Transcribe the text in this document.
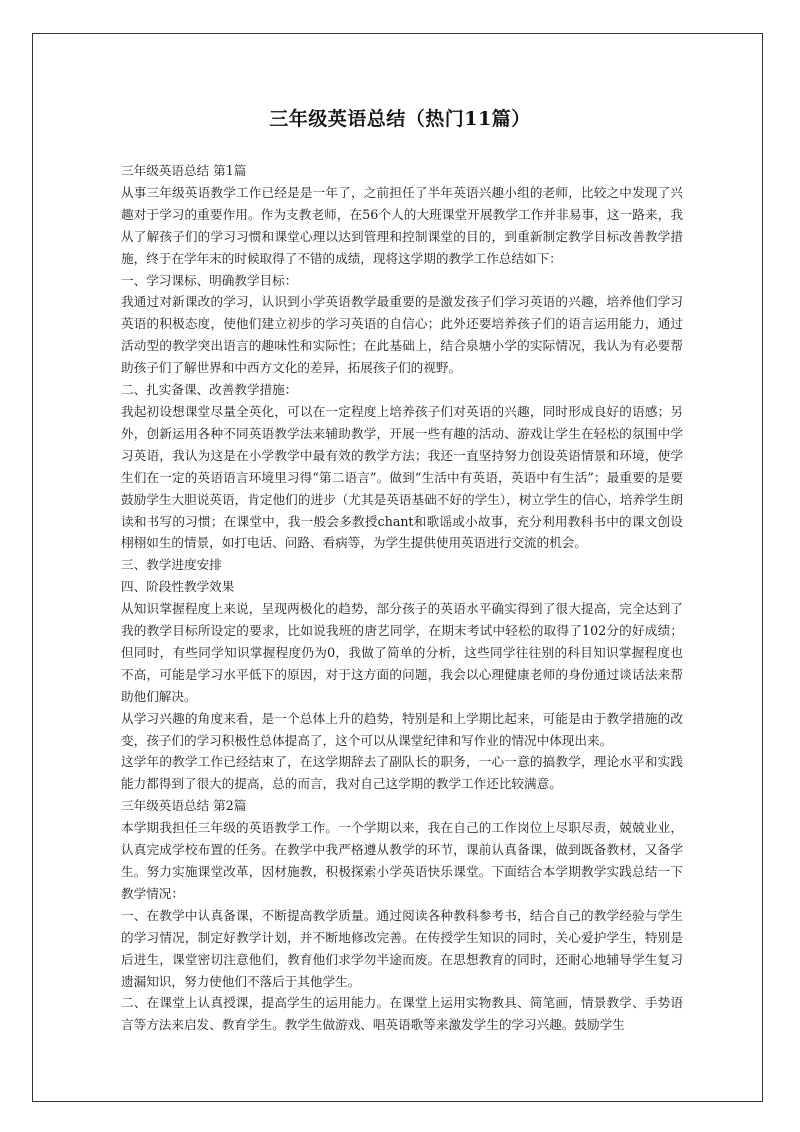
三年级英语总结（热门11篇）
三年级英语总结 第1篇

从事三年级英语教学工作已经是是一年了，之前担任了半年英语兴趣小组的老师，比较之中发现了兴趣对于学习的重要作用。作为支教老师，在56个人的大班课堂开展教学工作并非易事，这一路来，我从了解孩子们的学习习惯和课堂心理以达到管理和控制课堂的目的，到重新制定教学目标改善教学措施，终于在学年末的时候取得了不错的成绩，现将这学期的教学工作总结如下：

一、学习课标、明确教学目标：

我通过对新课改的学习，认识到小学英语教学最重要的是激发孩子们学习英语的兴趣，培养他们学习英语的积极态度，使他们建立初步的学习英语的自信心；此外还要培养孩子们的语言运用能力，通过活动型的教学突出语言的趣味性和实际性；在此基础上，结合泉塘小学的实际情况，我认为有必要帮助孩子们了解世界和中西方文化的差异，拓展孩子们的视野。

二、扎实备课、改善教学措施：

我起初设想课堂尽量全英化，可以在一定程度上培养孩子们对英语的兴趣，同时形成良好的语感；另外，创新运用各种不同英语教学法来辅助教学，开展一些有趣的活动、游戏让学生在轻松的氛围中学习英语，我认为这是在小学教学中最有效的教学方法；我还一直坚持努力创设英语情景和环境，使学生们在一定的英语语言环境里习得“第二语言”。做到“生活中有英语，英语中有生活”；最重要的是要鼓励学生大胆说英语，肯定他们的进步（尤其是英语基础不好的学生），树立学生的信心，培养学生朗读和书写的习惯；在课堂中，我一般会多教授chant和歌谣或小故事，充分利用教科书中的课文创设栩栩如生的情景，如打电话、问路、看病等，为学生提供使用英语进行交流的机会。

三、教学进度安排

四、阶段性教学效果

从知识掌握程度上来说，呈现两极化的趋势，部分孩子的英语水平确实得到了很大提高，完全达到了我的教学目标所设定的要求，比如说我班的唐艺同学，在期末考试中轻松的取得了102分的好成绩；但同时，有些同学知识掌握程度仍为0，我做了简单的分析，这些同学往往别的科目知识掌握程度也不高，可能是学习水平低下的原因，对于这方面的问题，我会以心理健康老师的身份通过谈话法来帮助他们解决。

从学习兴趣的角度来看，是一个总体上升的趋势，特别是和上学期比起来，可能是由于教学措施的改变，孩子们的学习积极性总体提高了，这个可以从课堂纪律和写作业的情况中体现出来。

这学年的教学工作已经结束了，在这学期辞去了副队长的职务，一心一意的搞教学，理论水平和实践能力都得到了很大的提高，总的而言，我对自己这学期的教学工作还比较满意。

三年级英语总结 第2篇

本学期我担任三年级的英语教学工作。一个学期以来，我在自己的工作岗位上尽职尽责，兢兢业业，认真完成学校布置的任务。在教学中我严格遵从教学的环节，课前认真备课，做到既备教材，又备学生。努力实施课堂改革，因材施教，积极探索小学英语快乐课堂。下面结合本学期教学实践总结一下教学情况：

一、在教学中认真备课，不断提高教学质量。通过阅读各种教科参考书，结合自己的教学经验与学生的学习情况，制定好教学计划，并不断地修改完善。在传授学生知识的同时，关心爱护学生，特别是后进生，课堂密切注意他们，教育他们求学勿半途而废。在思想教育的同时，还耐心地辅导学生复习遗漏知识，努力使他们不落后于其他学生。

二、在课堂上认真授课，提高学生的运用能力。在课堂上运用实物教具、简笔画，情景教学、手势语言等方法来启发、教育学生。教学生做游戏、唱英语歌等来激发学生的学习兴趣。鼓励学生
